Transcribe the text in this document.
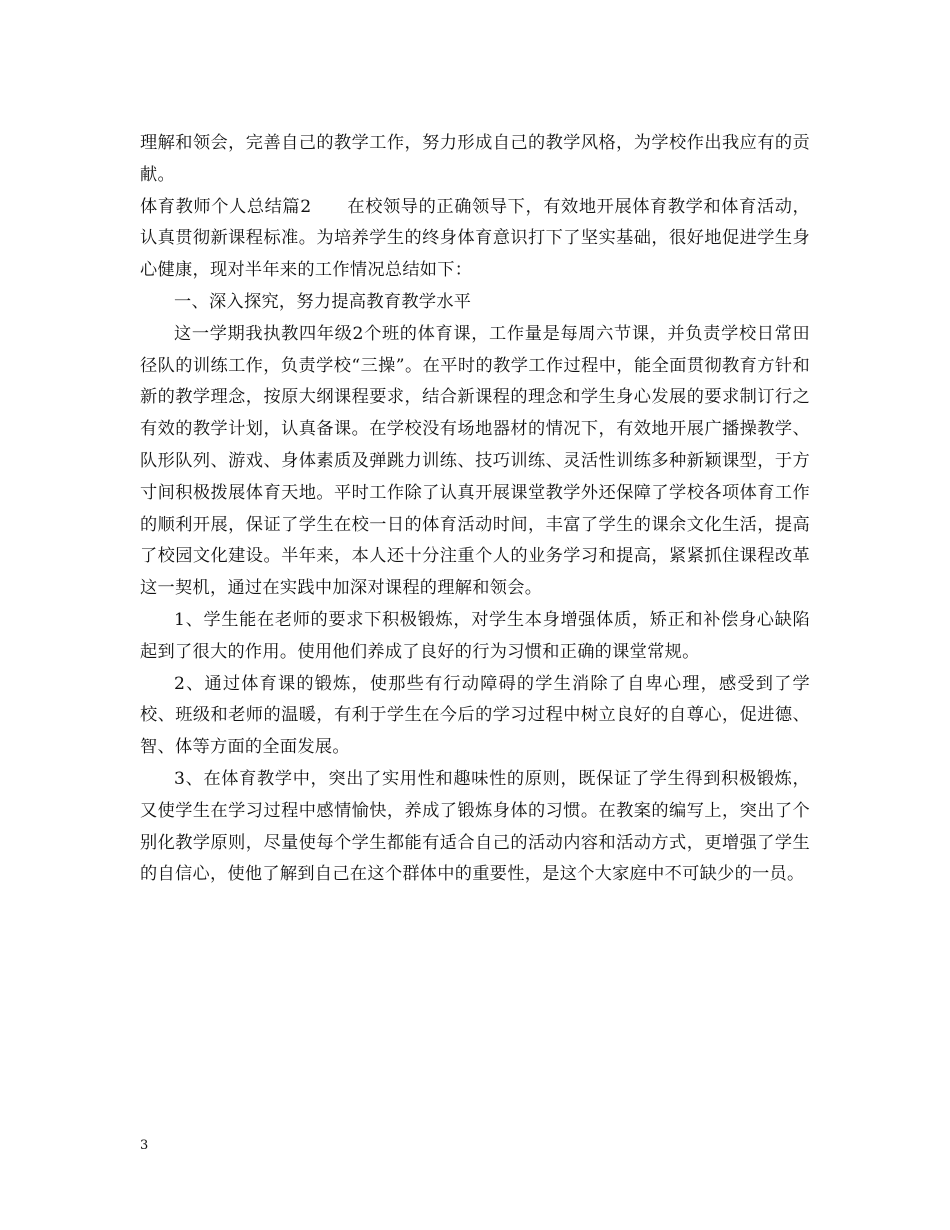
理解和领会，完善自己的教学工作，努力形成自己的教学风格，为学校作出我应有的贡献。

体育教师个人总结篇2　　在校领导的正确领导下，有效地开展体育教学和体育活动，认真贯彻新课程标准。为培养学生的终身体育意识打下了坚实基础，很好地促进学生身心健康，现对半年来的工作情况总结如下：

一、深入探究，努力提高教育教学水平

这一学期我执教四年级2个班的体育课，工作量是每周六节课，并负责学校日常田径队的训练工作，负责学校“三操”。在平时的教学工作过程中，能全面贯彻教育方针和新的教学理念，按原大纲课程要求，结合新课程的理念和学生身心发展的要求制订行之有效的教学计划，认真备课。在学校没有场地器材的情况下，有效地开展广播操教学、队形队列、游戏、身体素质及弹跳力训练、技巧训练、灵活性训练多种新颖课型，于方寸间积极拨展体育天地。平时工作除了认真开展课堂教学外还保障了学校各项体育工作的顺利开展，保证了学生在校一日的体育活动时间，丰富了学生的课余文化生活，提高了校园文化建设。半年来，本人还十分注重个人的业务学习和提高，紧紧抓住课程改革这一契机，通过在实践中加深对课程的理解和领会。

1、学生能在老师的要求下积极锻炼，对学生本身增强体质，矫正和补偿身心缺陷起到了很大的作用。使用他们养成了良好的行为习惯和正确的课堂常规。

2、通过体育课的锻炼，使那些有行动障碍的学生消除了自卑心理，感受到了学校、班级和老师的温暖，有利于学生在今后的学习过程中树立良好的自尊心，促进德、智、体等方面的全面发展。

3、在体育教学中，突出了实用性和趣味性的原则，既保证了学生得到积极锻炼，又使学生在学习过程中感情愉快，养成了锻炼身体的习惯。在教案的编写上，突出了个别化教学原则，尽量使每个学生都能有适合自己的活动内容和活动方式，更增强了学生的自信心，使他了解到自己在这个群体中的重要性，是这个大家庭中不可缺少的一员。

3
